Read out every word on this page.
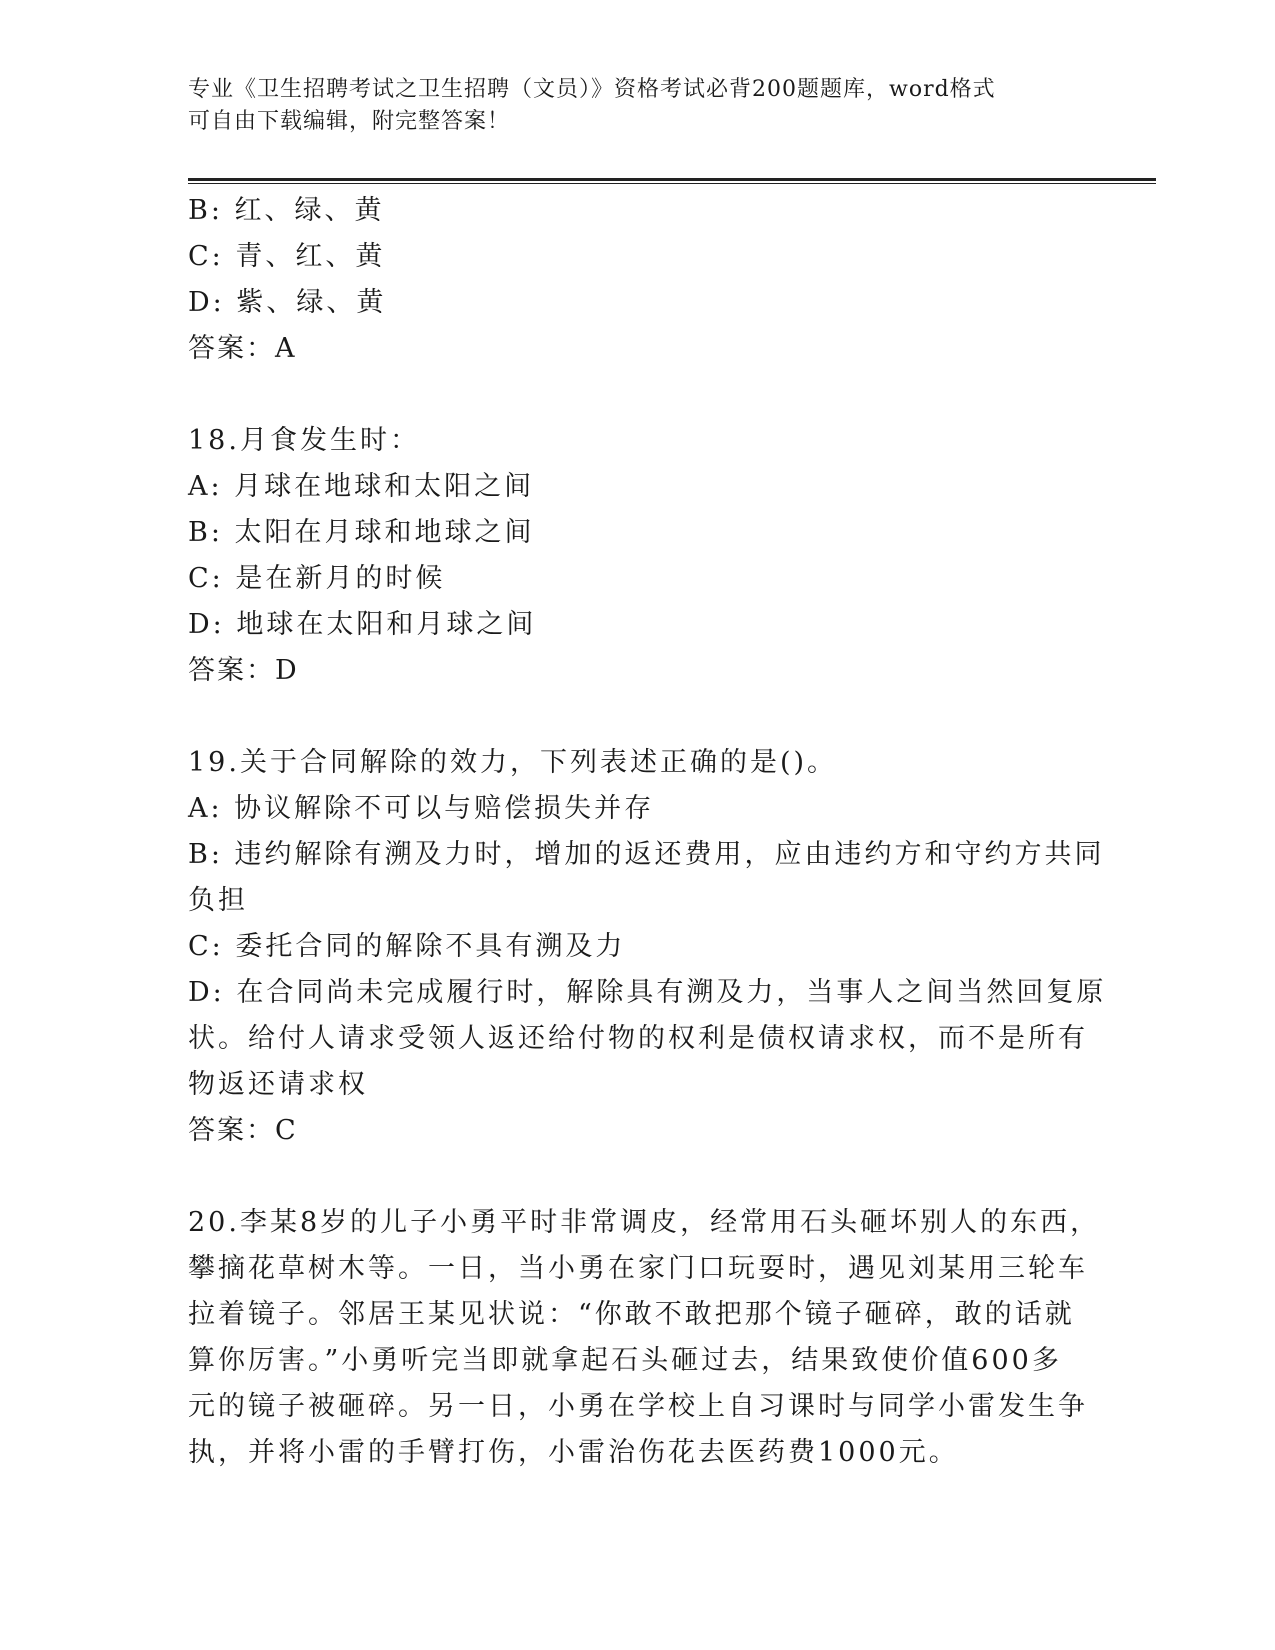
专业《卫生招聘考试之卫生招聘（文员）》资格考试必背200题题库，word格式
可自由下载编辑，附完整答案！
B: 红、绿、黄
C: 青、红、黄
D: 紫、绿、黄
答案：A
18.月食发生时：
A: 月球在地球和太阳之间
B: 太阳在月球和地球之间
C: 是在新月的时候
D: 地球在太阳和月球之间
答案：D
19.关于合同解除的效力，下列表述正确的是()。
A: 协议解除不可以与赔偿损失并存
B: 违约解除有溯及力时，增加的返还费用，应由违约方和守约方共同
负担
C: 委托合同的解除不具有溯及力
D: 在合同尚未完成履行时，解除具有溯及力，当事人之间当然回复原
状。给付人请求受领人返还给付物的权利是债权请求权，而不是所有
物返还请求权
答案：C
20.李某8岁的儿子小勇平时非常调皮，经常用石头砸坏别人的东西，
攀摘花草树木等。一日，当小勇在家门口玩耍时，遇见刘某用三轮车
拉着镜子。邻居王某见状说：“你敢不敢把那个镜子砸碎，敢的话就
算你厉害。”小勇听完当即就拿起石头砸过去，结果致使价值600多
元的镜子被砸碎。另一日，小勇在学校上自习课时与同学小雷发生争
执，并将小雷的手臂打伤，小雷治伤花去医药费1000元。
